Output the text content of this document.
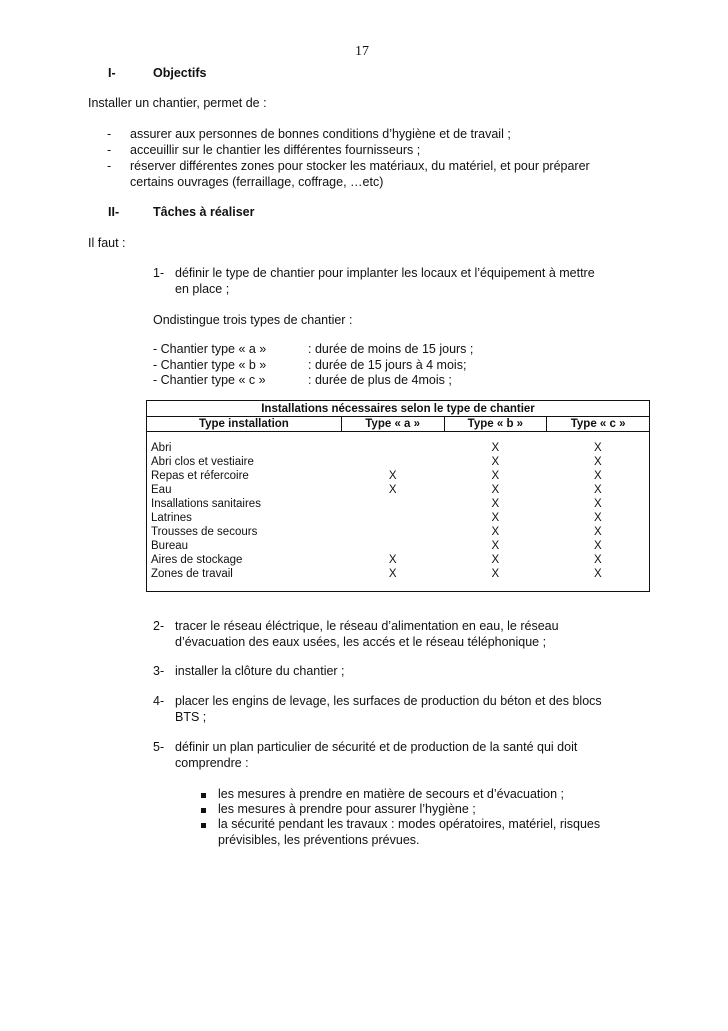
17
I-	Objectifs
Installer un chantier, permet de :
- assurer aux personnes de bonnes conditions d’hygiène et de travail ;
- acceuillir sur le chantier les différentes fournisseurs ;
- réserver différentes zones pour stocker les matériaux, du matériel, et pour préparer
certains ouvrages (ferraillage, coffrage, …etc)
II-	Tâches à réaliser
Il faut :
1- définir le type de chantier pour implanter les locaux et l’équipement à mettre
en place ;
Ondistingue trois types de chantier :
- Chantier type « a »	: durée de moins de 15 jours ;
- Chantier type « b »	: durée de 15 jours à 4 mois;
- Chantier type « c »	: durée de plus de 4mois ;
Installations nécessaires selon le type de chantier			
Type installation	Type « a »	Type « b »	Type « c »

Abri		X	X
Abri clos et vestiaire		X	X
Repas et réfercoire	X	X	X
Eau	X	X	X
Insallations sanitaires		X	X
Latrines		X	X
Trousses de secours		X	X
Bureau		X	X
Aires de stockage	X	X	X
Zones de travail	X	X	X

2- tracer le réseau éléctrique, le réseau d’alimentation en eau, le réseau
d’évacuation des eaux usées, les accés et le réseau téléphonique ;
3- installer la clôture du chantier ;
4- placer les engins de levage, les surfaces de production du béton et des blocs
BTS ;
5- définir un plan particulier de sécurité et de production de la santé qui doit
comprendre :
les mesures à prendre en matière de secours et d’évacuation ;
les mesures à prendre pour assurer l’hygiène ;
la sécurité pendant les travaux : modes opératoires, matériel, risques
prévisibles, les préventions prévues.
